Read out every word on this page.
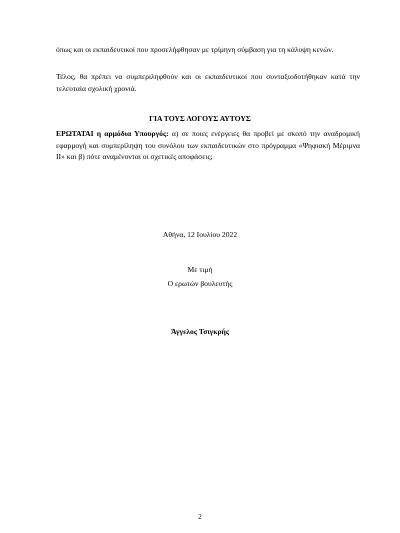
όπως και οι εκπαιδευτικοί που προσελήφθησαν με τρίμηνη σύμβαση για τη κάλυψη κενών.
Τέλος, θα πρέπει να συμπεριληφθούν και οι εκπαιδευτικοί που συνταξιοδοτήθηκαν κατά την τελευταία σχολική χρονιά.
ΓΙΑ ΤΟΥΣ ΛΟΓΟΥΣ ΑΥΤΟΥΣ
ΕΡΩΤΑΤΑΙ η αρμόδια Υπουργός: α) σε ποιες ενέργειες θα προβεί με σκοπό την αναδρομική εφαρμογή και συμπερίληψη του συνόλου των εκπαιδευτικών στο πρόγραμμα «Ψηφιακή Μέριμνα ΙΙ» και β) πότε αναμένονται οι σχετικές αποφάσεις;
Αθήνα, 12 Ιουλίου 2022
Με τιμή
Ο ερωτών βουλευτής
Άγγελος Τσιγκρής
2
